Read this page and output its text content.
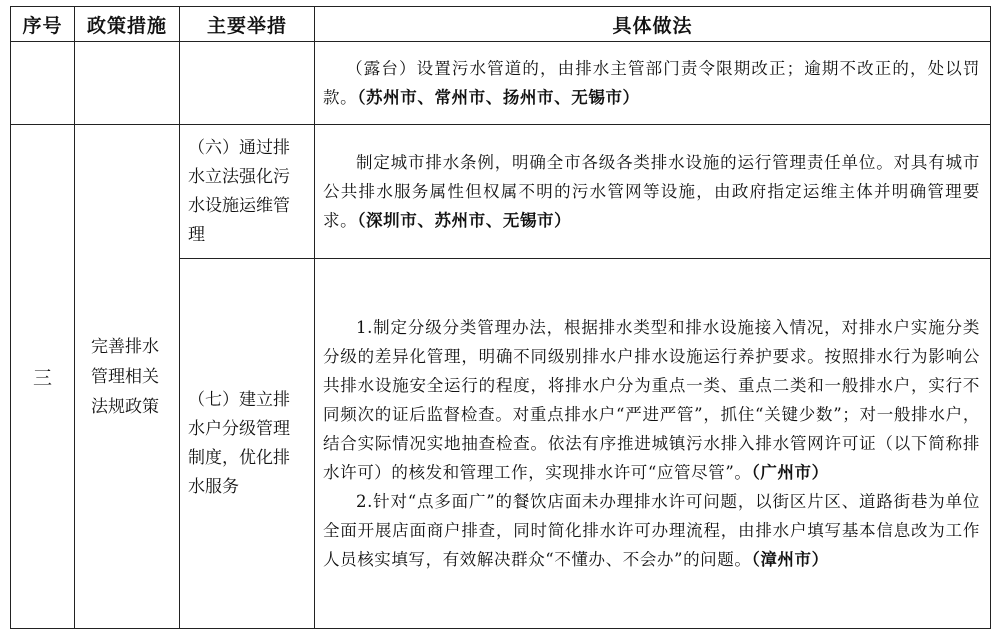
序号	政策措施	主要举措	具体做法

			（露台）设置污水管道的，由排水主管部门责令限期改正；逾期不改正的，处以罚款。（苏州市、常州市、扬州市、无锡市）

三	完善排水管理相关法规政策	（六）通过排水立法强化污水设施运维管理	制定城市排水条例，明确全市各级各类排水设施的运行管理责任单位。对具有城市公共排水服务属性但权属不明的污水管网等设施，由政府指定运维主体并明确管理要求。（深圳市、苏州市、无锡市）

		（七）建立排水户分级管理制度，优化排水服务	1.制定分级分类管理办法，根据排水类型和排水设施接入情况，对排水户实施分类分级的差异化管理，明确不同级别排水户排水设施运行养护要求。按照排水行为影响公共排水设施安全运行的程度，将排水户分为重点一类、重点二类和一般排水户，实行不同频次的证后监督检查。对重点排水户“严进严管”，抓住“关键少数”；对一般排水户，结合实际情况实地抽查检查。依法有序推进城镇污水排入排水管网许可证（以下简称排水许可）的核发和管理工作，实现排水许可“应管尽管”。（广州市）

2.针对“点多面广”的餐饮店面未办理排水许可问题，以街区片区、道路街巷为单位全面开展店面商户排查，同时简化排水许可办理流程，由排水户填写基本信息改为工作人员核实填写，有效解决群众“不懂办、不会办”的问题。（漳州市）
